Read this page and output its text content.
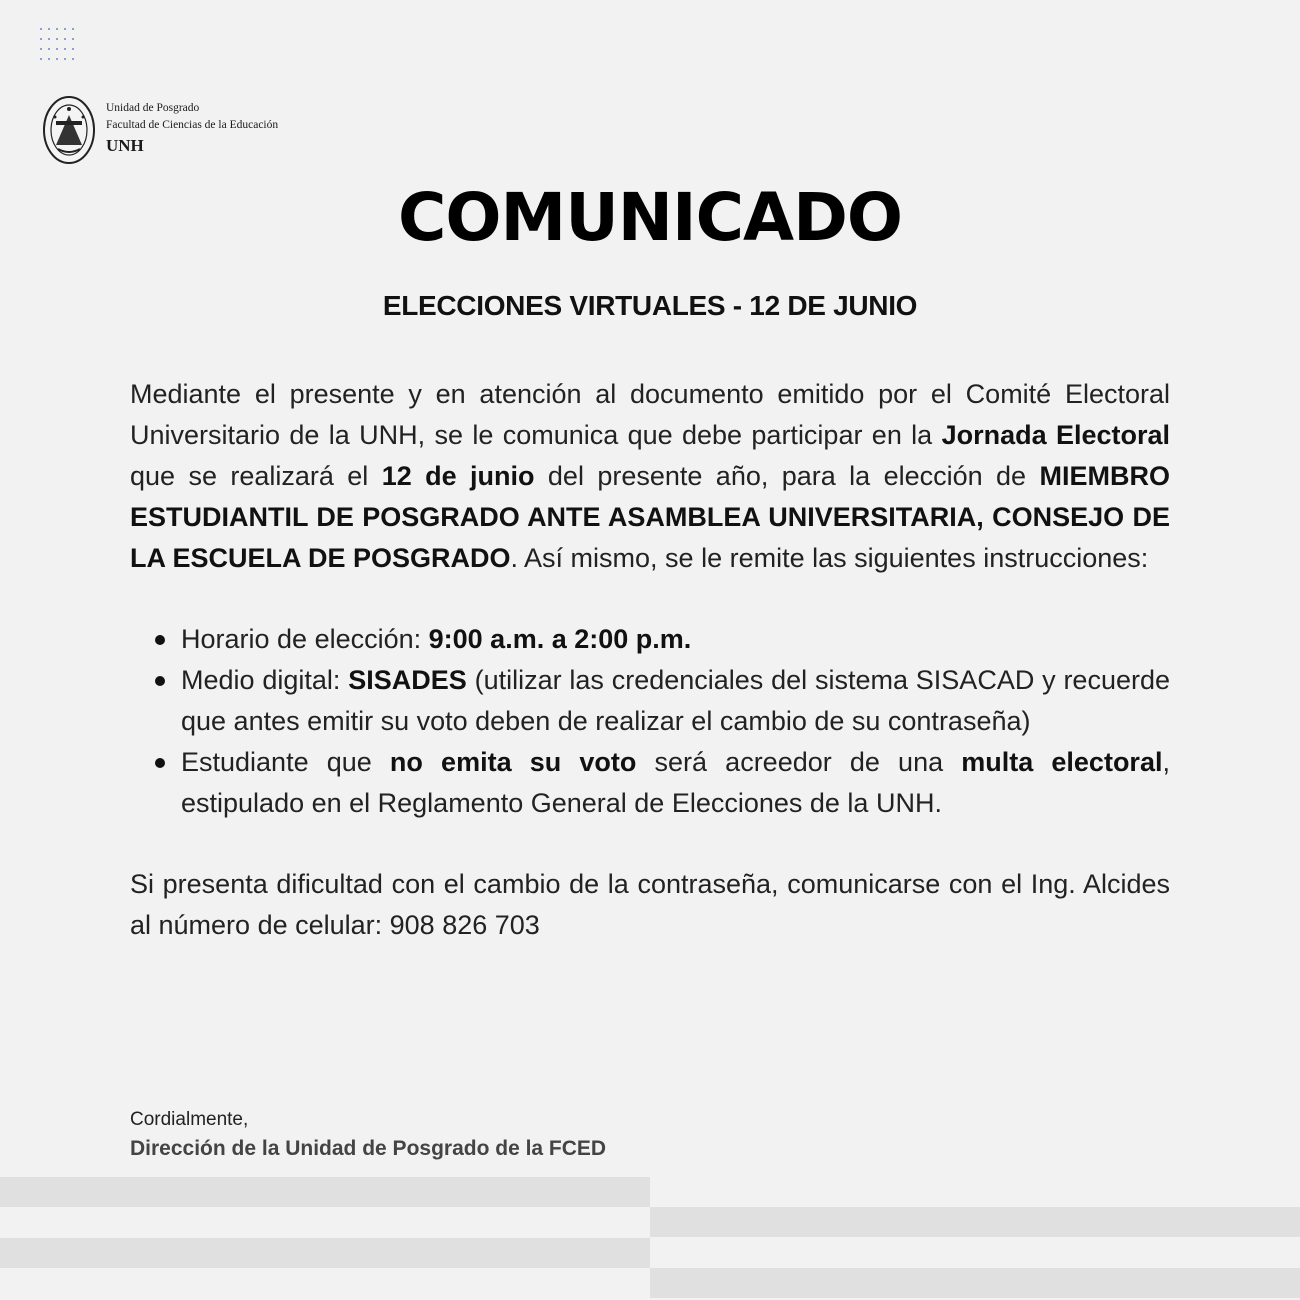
Unidad de Posgrado
Facultad de Ciencias de la Educación
UNH
COMUNICADO
ELECCIONES VIRTUALES - 12 DE JUNIO

Mediante el presente y en atención al documento emitido por el Comité Electoral Universitario de la UNH, se le comunica que debe participar en la Jornada Electoral que se realizará el 12 de junio del presente año, para la elección de MIEMBRO ESTUDIANTIL DE POSGRADO ANTE ASAMBLEA UNIVERSITARIA, CONSEJO DE LA ESCUELA DE POSGRADO. Así mismo, se le remite las siguientes instrucciones:

Horario de elección: 9:00 a.m. a 2:00 p.m.
Medio digital: SISADES (utilizar las credenciales del sistema SISACAD y recuerde que antes emitir su voto deben de realizar el cambio de su contraseña)
Estudiante que no emita su voto será acreedor de una multa electoral, estipulado en el Reglamento General de Elecciones de la UNH.

Si presenta dificultad con el cambio de la contraseña, comunicarse con el Ing. Alcides al número de celular: 908 826 703

Cordialmente,
Dirección de la Unidad de Posgrado de la FCED
